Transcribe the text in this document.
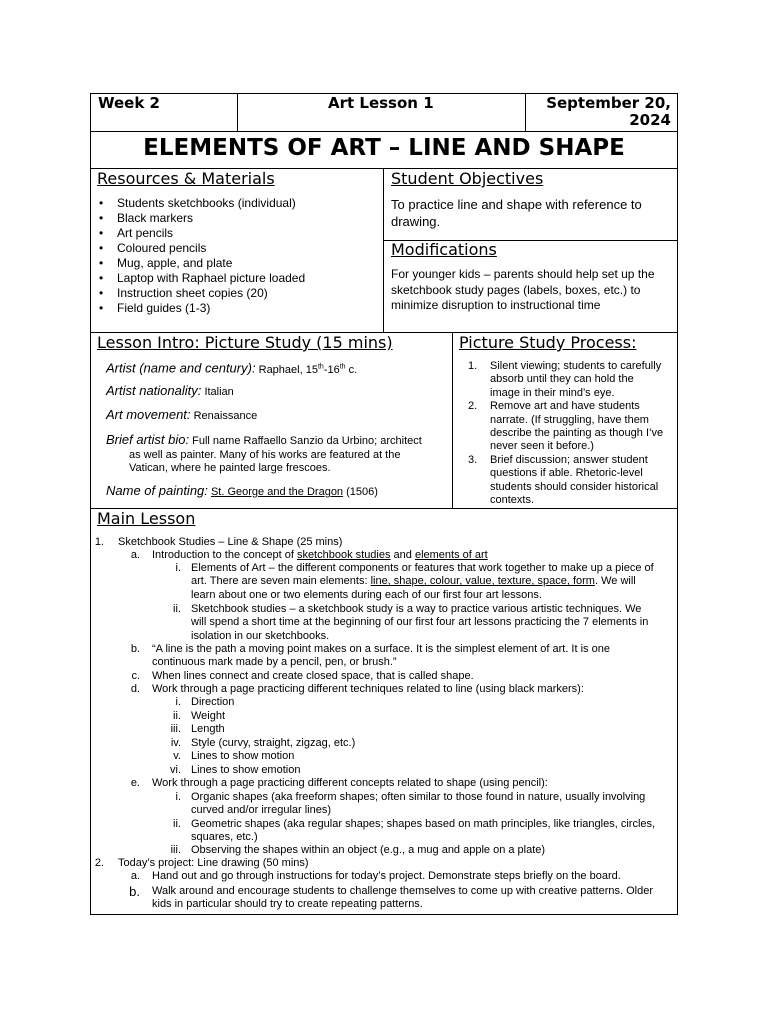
Week 2	Art Lesson 1	September 20,
2024
ELEMENTS OF ART – LINE AND SHAPE
Resources & Materials
• Students sketchbooks (individual)
• Black markers
• Art pencils
• Coloured pencils
• Mug, apple, and plate
• Laptop with Raphael picture loaded
• Instruction sheet copies (20)
• Field guides (1-3)
Student Objectives
To practice line and shape with reference to drawing.
Modifications
For younger kids – parents should help set up the sketchbook study pages (labels, boxes, etc.) to minimize disruption to instructional time
Lesson Intro: Picture Study (15 mins)
Artist (name and century): Raphael, 15th-16th c.
Artist nationality: Italian
Art movement: Renaissance
Brief artist bio: Full name Raffaello Sanzio da Urbino; architect
as well as painter. Many of his works are featured at the
Vatican, where he painted large frescoes.
Name of painting: St. George and the Dragon (1506)
Picture Study Process:
1. Silent viewing; students to carefully
absorb until they can hold the
image in their mind’s eye.
2. Remove art and have students
narrate. (If struggling, have them
describe the painting as though I’ve
never seen it before.)
3. Brief discussion; answer student
questions if able. Rhetoric-level
students should consider historical
contexts.
Main Lesson
1. Sketchbook Studies – Line & Shape (25 mins)
a. Introduction to the concept of sketchbook studies and elements of art
i. Elements of Art – the different components or features that work together to make up a piece of
art. There are seven main elements: line, shape, colour, value, texture, space, form. We will
learn about one or two elements during each of our first four art lessons.
ii. Sketchbook studies – a sketchbook study is a way to practice various artistic techniques. We
will spend a short time at the beginning of our first four art lessons practicing the 7 elements in
isolation in our sketchbooks.
b. “A line is the path a moving point makes on a surface. It is the simplest element of art. It is one
continuous mark made by a pencil, pen, or brush.”
c. When lines connect and create closed space, that is called shape.
d. Work through a page practicing different techniques related to line (using black markers):
i. Direction
ii. Weight
iii. Length
iv. Style (curvy, straight, zigzag, etc.)
v. Lines to show motion
vi. Lines to show emotion
e. Work through a page practicing different concepts related to shape (using pencil):
i. Organic shapes (aka freeform shapes; often similar to those found in nature, usually involving
curved and/or irregular lines)
ii. Geometric shapes (aka regular shapes; shapes based on math principles, like triangles, circles,
squares, etc.)
iii. Observing the shapes within an object (e.g., a mug and apple on a plate)
2. Today’s project: Line drawing (50 mins)
a. Hand out and go through instructions for today’s project. Demonstrate steps briefly on the board.
b. Walk around and encourage students to challenge themselves to come up with creative patterns. Older
kids in particular should try to create repeating patterns.
